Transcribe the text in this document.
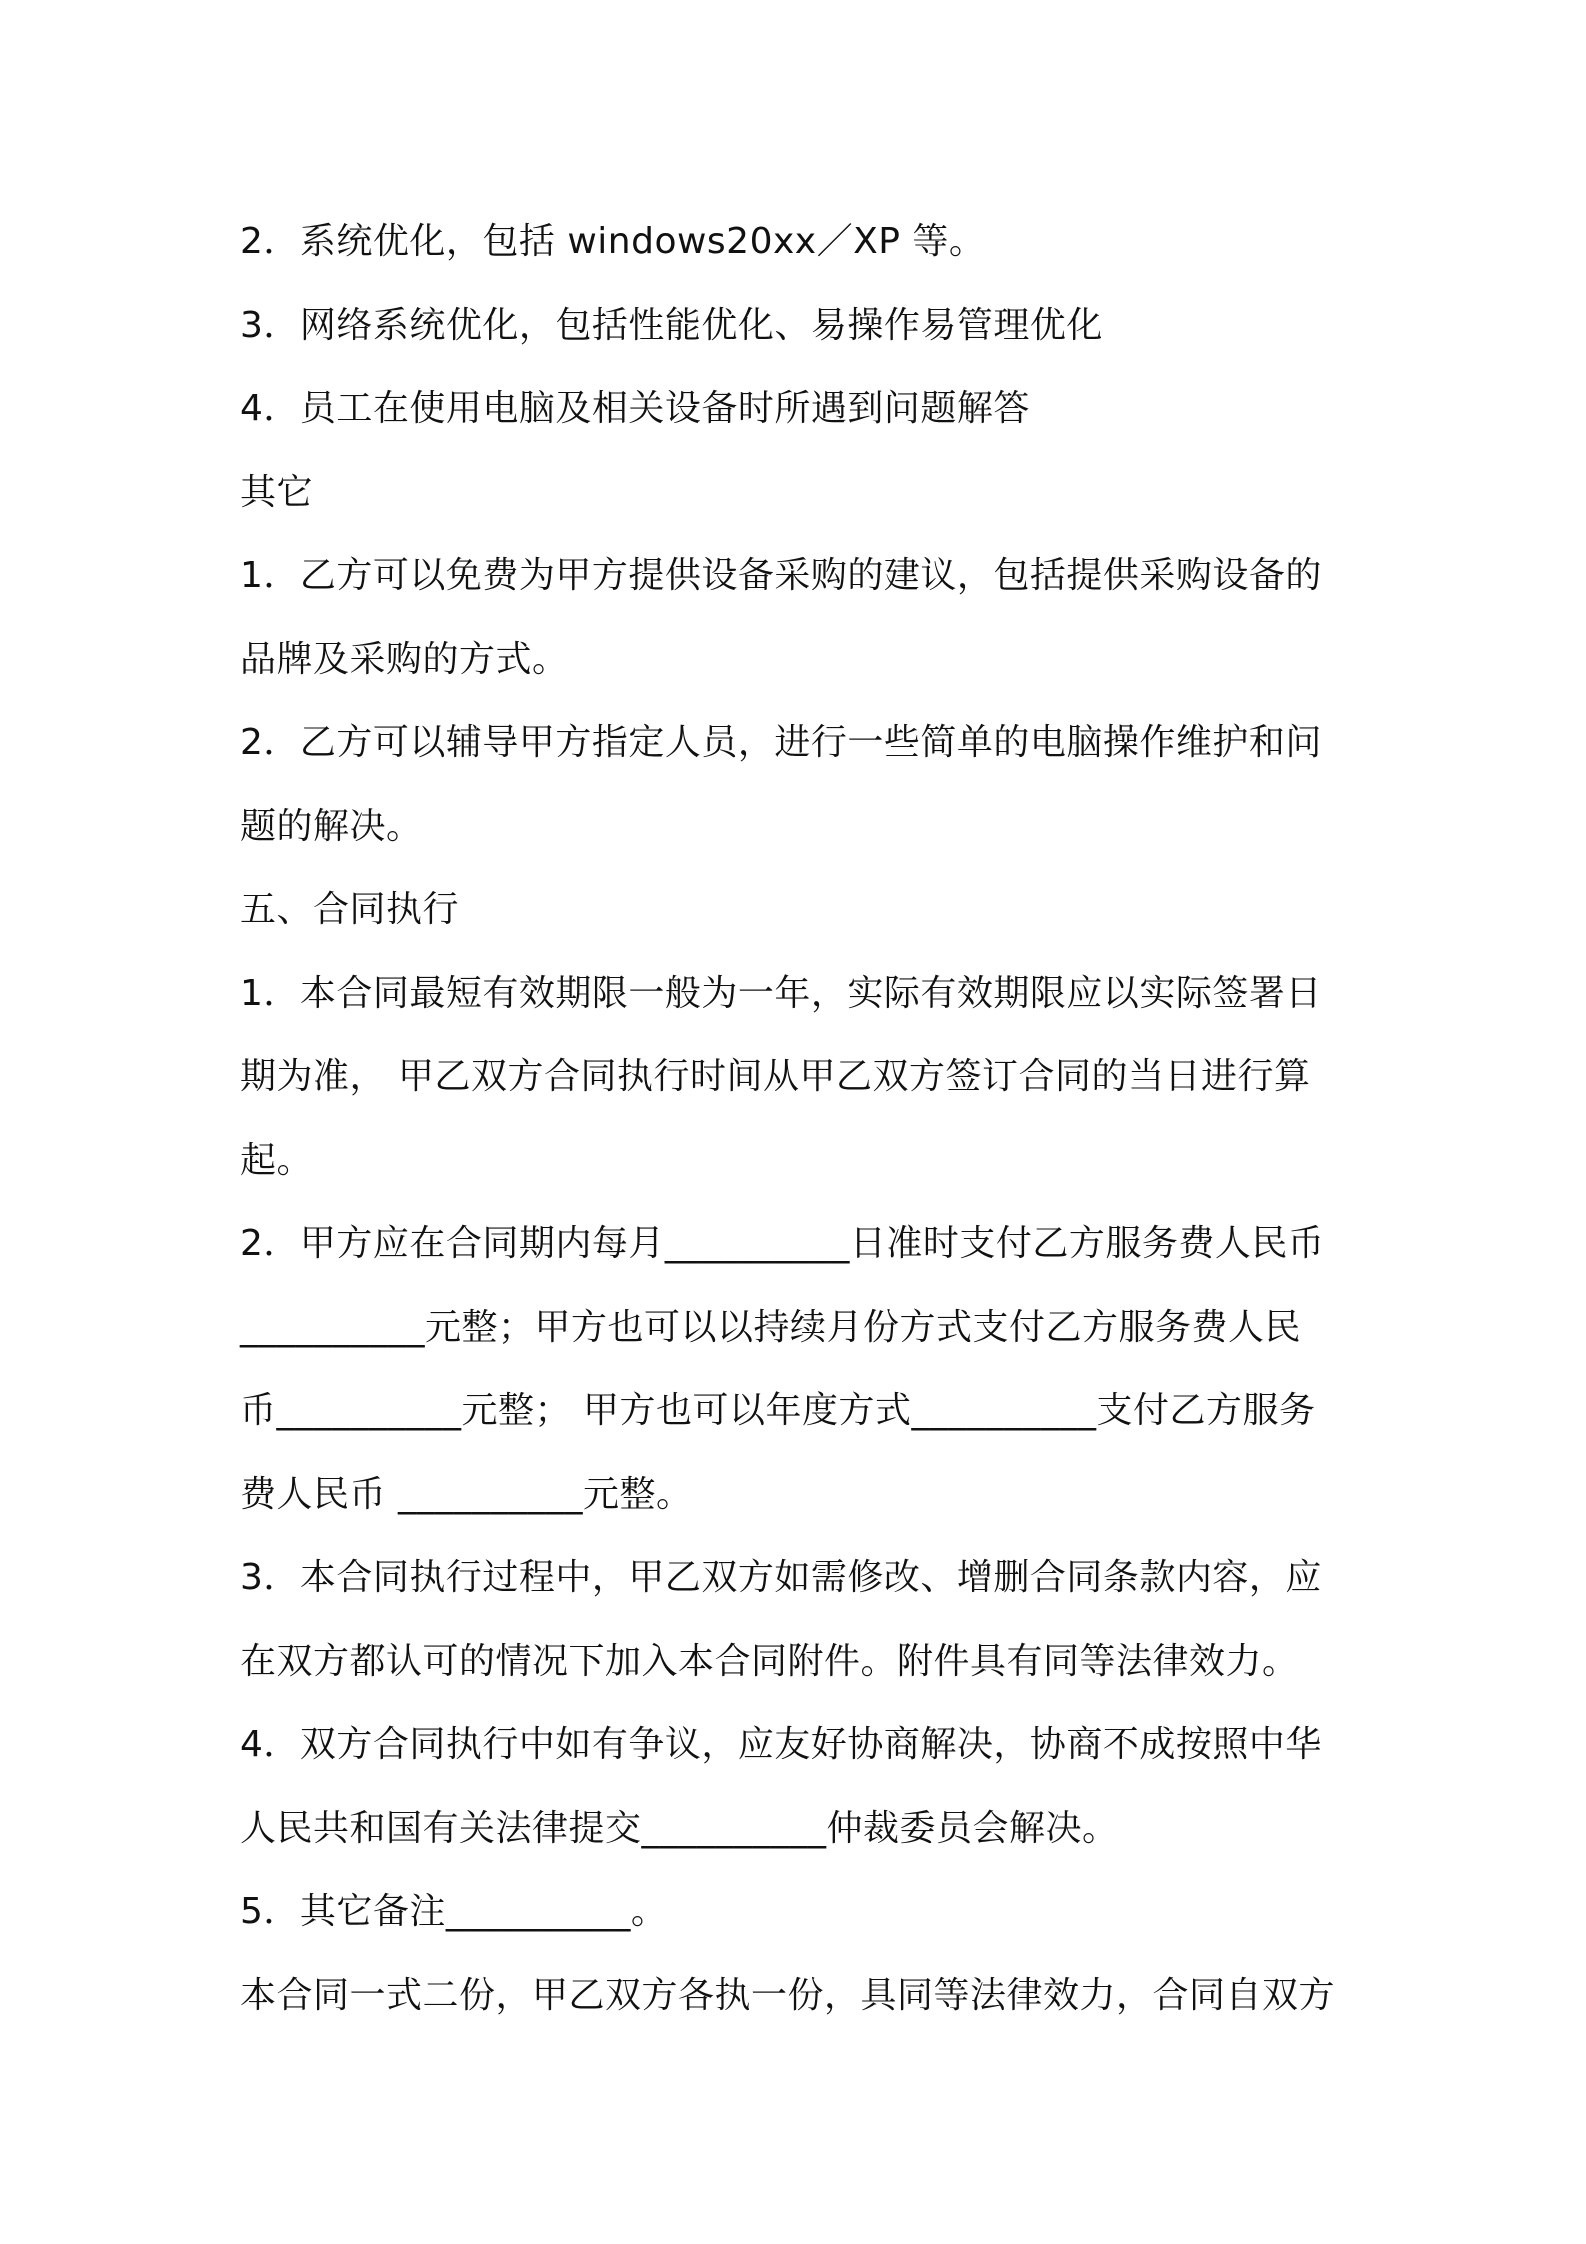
2．系统优化，包括 windows20xx／XP 等。
3．网络系统优化，包括性能优化、易操作易管理优化
4．员工在使用电脑及相关设备时所遇到问题解答
其它
1．乙方可以免费为甲方提供设备采购的建议，包括提供采购设备的
品牌及采购的方式。
2．乙方可以辅导甲方指定人员，进行一些简单的电脑操作维护和问
题的解决。
五、合同执行
1．本合同最短有效期限一般为一年，实际有效期限应以实际签署日
期为准， 甲乙双方合同执行时间从甲乙双方签订合同的当日进行算
起。
2．甲方应在合同期内每月__________日准时支付乙方服务费人民币
__________元整；甲方也可以以持续月份方式支付乙方服务费人民
币__________元整； 甲方也可以年度方式__________支付乙方服务
费人民币 __________元整。
3．本合同执行过程中，甲乙双方如需修改、增删合同条款内容，应
在双方都认可的情况下加入本合同附件。附件具有同等法律效力。
4．双方合同执行中如有争议，应友好协商解决，协商不成按照中华
人民共和国有关法律提交__________仲裁委员会解决。
5．其它备注__________。
本合同一式二份，甲乙双方各执一份，具同等法律效力，合同自双方
